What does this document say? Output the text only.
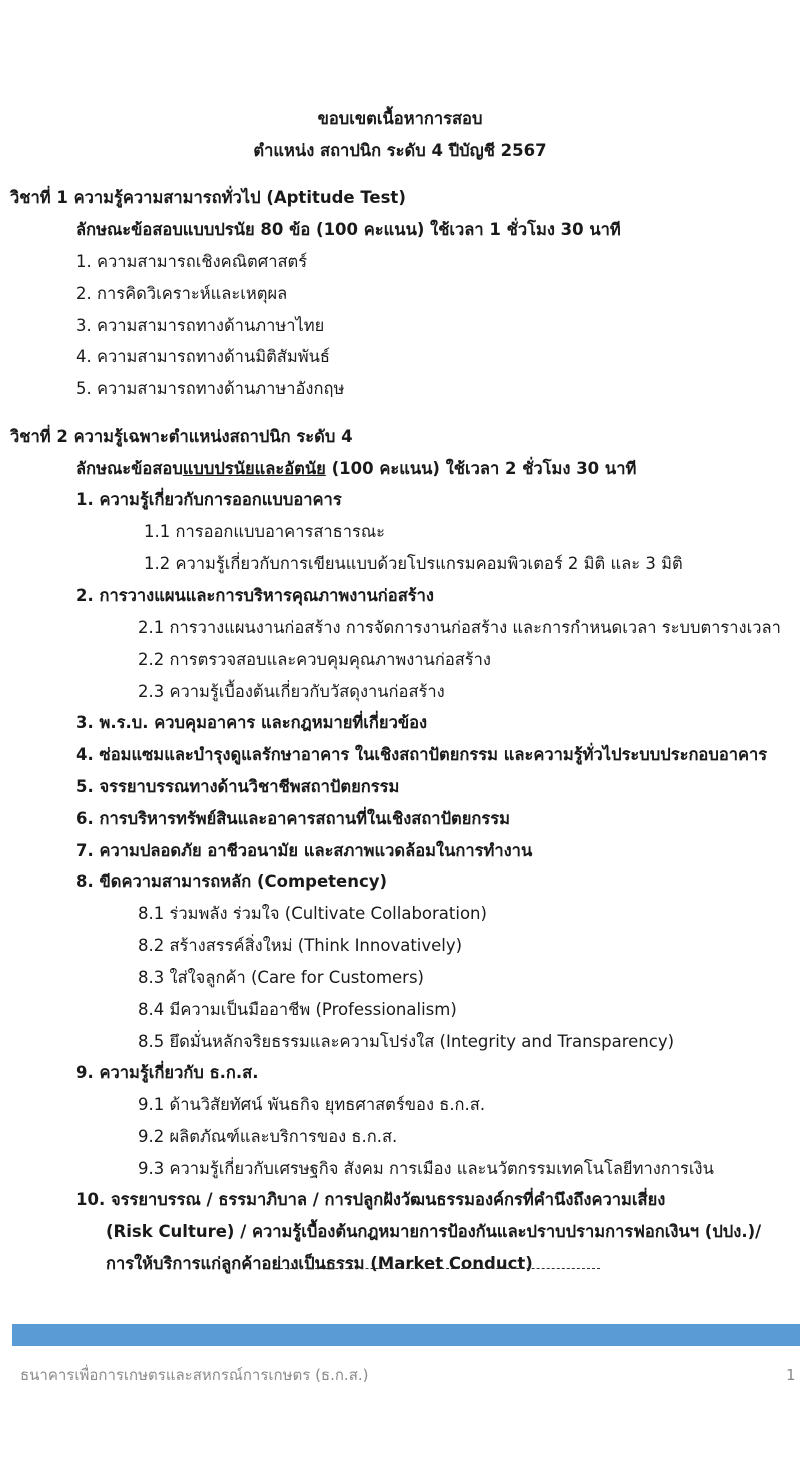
ขอบเขตเนื้อหาการสอบ
ตำแหน่ง สถาปนิก ระดับ 4 ปีบัญชี 2567
วิชาที่ 1 ความรู้ความสามารถทั่วไป (Aptitude Test)
ลักษณะข้อสอบแบบปรนัย 80 ข้อ (100 คะแนน) ใช้เวลา 1 ชั่วโมง 30 นาที
1. ความสามารถเชิงคณิตศาสตร์
2. การคิดวิเคราะห์และเหตุผล
3. ความสามารถทางด้านภาษาไทย
4. ความสามารถทางด้านมิติสัมพันธ์
5. ความสามารถทางด้านภาษาอังกฤษ
วิชาที่ 2 ความรู้เฉพาะตำแหน่งสถาปนิก ระดับ 4
ลักษณะข้อสอบแบบปรนัยและอัตนัย (100 คะแนน) ใช้เวลา 2 ชั่วโมง 30 นาที
1. ความรู้เกี่ยวกับการออกแบบอาคาร
1.1 การออกแบบอาคารสาธารณะ
1.2 ความรู้เกี่ยวกับการเขียนแบบด้วยโปรแกรมคอมพิวเตอร์ 2 มิติ และ 3 มิติ
2. การวางแผนและการบริหารคุณภาพงานก่อสร้าง
2.1 การวางแผนงานก่อสร้าง การจัดการงานก่อสร้าง และการกำหนดเวลา ระบบตารางเวลา
2.2 การตรวจสอบและควบคุมคุณภาพงานก่อสร้าง
2.3 ความรู้เบื้องต้นเกี่ยวกับวัสดุงานก่อสร้าง
3. พ.ร.บ. ควบคุมอาคาร และกฎหมายที่เกี่ยวข้อง
4. ซ่อมแซมและบำรุงดูแลรักษาอาคาร ในเชิงสถาปัตยกรรม และความรู้ทั่วไประบบประกอบอาคาร
5. จรรยาบรรณทางด้านวิชาชีพสถาปัตยกรรม
6. การบริหารทรัพย์สินและอาคารสถานที่ในเชิงสถาปัตยกรรม
7. ความปลอดภัย อาชีวอนามัย และสภาพแวดล้อมในการทำงาน
8. ขีดความสามารถหลัก (Competency)
8.1 ร่วมพลัง ร่วมใจ (Cultivate Collaboration)
8.2 สร้างสรรค์สิ่งใหม่ (Think Innovatively)
8.3 ใส่ใจลูกค้า (Care for Customers)
8.4 มีความเป็นมืออาชีพ (Professionalism)
8.5 ยึดมั่นหลักจริยธรรมและความโปร่งใส (Integrity and Transparency)
9. ความรู้เกี่ยวกับ ธ.ก.ส.
9.1 ด้านวิสัยทัศน์ พันธกิจ ยุทธศาสตร์ของ ธ.ก.ส.
9.2 ผลิตภัณฑ์และบริการของ ธ.ก.ส.
9.3 ความรู้เกี่ยวกับเศรษฐกิจ สังคม การเมือง และนวัตกรรมเทคโนโลยีทางการเงิน
10. จรรยาบรรณ / ธรรมาภิบาล / การปลูกฝังวัฒนธรรมองค์กรที่คำนึงถึงความเสี่ยง
(Risk Culture) / ความรู้เบื้องต้นกฎหมายการป้องกันและปราบปรามการฟอกเงินฯ (ปปง.)/
การให้บริการแก่ลูกค้าอย่างเป็นธรรม (Market Conduct)
ธนาคารเพื่อการเกษตรและสหกรณ์การเกษตร (ธ.ก.ส.)	1
